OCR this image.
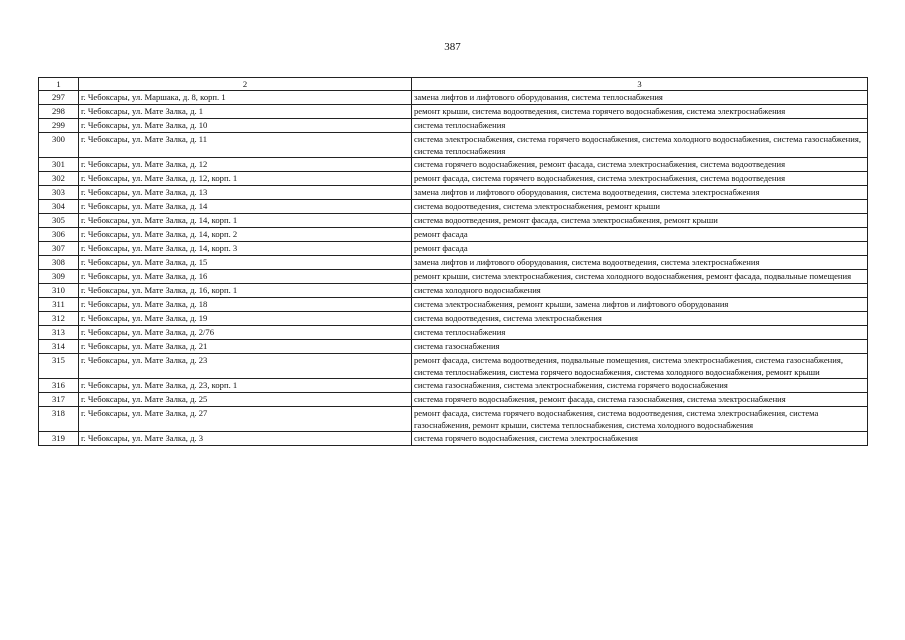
387
1	2	3
297	г. Чебоксары, ул. Маршака, д. 8, корп. 1	замена лифтов и лифтового оборудования, система теплоснабжения
298	г. Чебоксары, ул. Мате Залка, д. 1	ремонт крыши, система водоотведения, система горячего водоснабжения, система электроснабжения
299	г. Чебоксары, ул. Мате Залка, д. 10	система теплоснабжения
300	г. Чебоксары, ул. Мате Залка, д. 11	система электроснабжения, система горячего водоснабжения, система холодного водоснабжения, система газоснабжения, система теплоснабжения
301	г. Чебоксары, ул. Мате Залка, д. 12	система горячего водоснабжения, ремонт фасада, система электроснабжения, система водоотведения
302	г. Чебоксары, ул. Мате Залка, д. 12, корп. 1	ремонт фасада, система горячего водоснабжения, система электроснабжения, система водоотведения
303	г. Чебоксары, ул. Мате Залка, д. 13	замена лифтов и лифтового оборудования, система водоотведения, система электроснабжения
304	г. Чебоксары, ул. Мате Залка, д. 14	система водоотведения, система электроснабжения, ремонт крыши
305	г. Чебоксары, ул. Мате Залка, д. 14, корп. 1	система водоотведения, ремонт фасада, система электроснабжения, ремонт крыши
306	г. Чебоксары, ул. Мате Залка, д. 14, корп. 2	ремонт фасада
307	г. Чебоксары, ул. Мате Залка, д. 14, корп. 3	ремонт фасада
308	г. Чебоксары, ул. Мате Залка, д. 15	замена лифтов и лифтового оборудования, система водоотведения, система электроснабжения
309	г. Чебоксары, ул. Мате Залка, д. 16	ремонт крыши, система электроснабжения, система холодного водоснабжения, ремонт фасада, подвальные помещения
310	г. Чебоксары, ул. Мате Залка, д. 16, корп. 1	система холодного водоснабжения
311	г. Чебоксары, ул. Мате Залка, д. 18	система электроснабжения, ремонт крыши, замена лифтов и лифтового оборудования
312	г. Чебоксары, ул. Мате Залка, д. 19	система водоотведения, система электроснабжения
313	г. Чебоксары, ул. Мате Залка, д. 2/76	система теплоснабжения
314	г. Чебоксары, ул. Мате Залка, д. 21	система газоснабжения
315	г. Чебоксары, ул. Мате Залка, д. 23	ремонт фасада, система водоотведения, подвальные помещения, система электроснабжения, система газоснабжения, система теплоснабжения, система горячего водоснабжения, система холодного водоснабжения, ремонт крыши
316	г. Чебоксары, ул. Мате Залка, д. 23, корп. 1	система газоснабжения, система электроснабжения, система горячего водоснабжения
317	г. Чебоксары, ул. Мате Залка, д. 25	система горячего водоснабжения, ремонт фасада, система газоснабжения, система электроснабжения
318	г. Чебоксары, ул. Мате Залка, д. 27	ремонт фасада, система горячего водоснабжения, система водоотведения, система электроснабжения, система газоснабжения, ремонт крыши, система теплоснабжения, система холодного водоснабжения
319	г. Чебоксары, ул. Мате Залка, д. 3	система горячего водоснабжения, система электроснабжения
